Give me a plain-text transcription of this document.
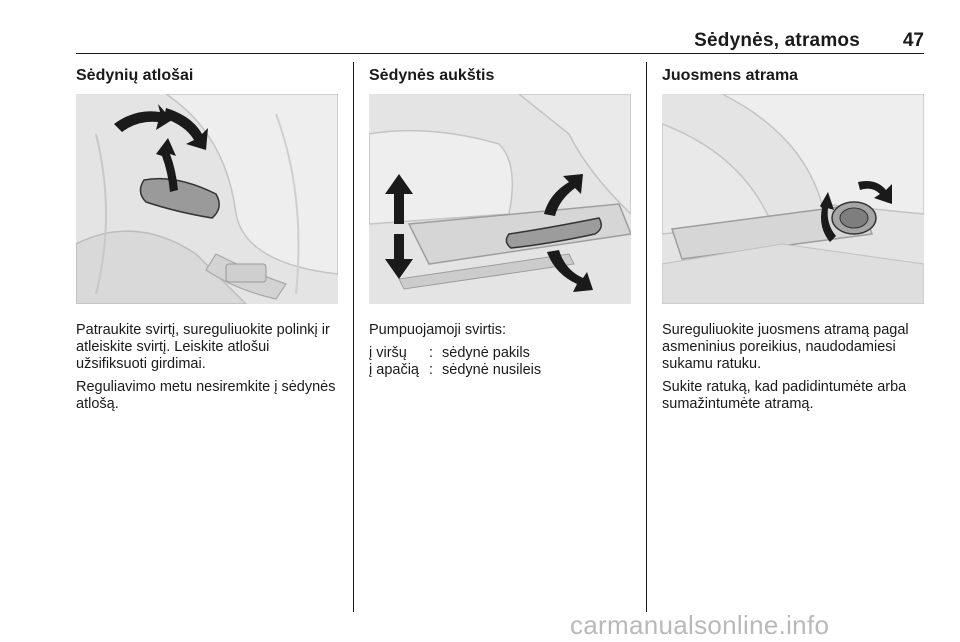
Sėdynės, atramos 47
Sėdynių atlošai

Patraukite svirtį, sureguliuokite polinkį ir atleiskite svirtį. Leiskite atlošui užsifiksuoti girdimai.

Reguliavimo metu nesiremkite į sėdynės atlošą.

Sėdynės aukštis

Pumpuojamoji svirtis:

į viršų	: sėdynė pakils
į apačią : sėdynė nusileis
Juosmens atrama

Sureguliuokite juosmens atramą pagal asmeninius poreikius, naudodamiesi sukamu ratuku.

Sukite ratuką, kad padidintumėte arba sumažintumėte atramą.

carmanualsonline.info
